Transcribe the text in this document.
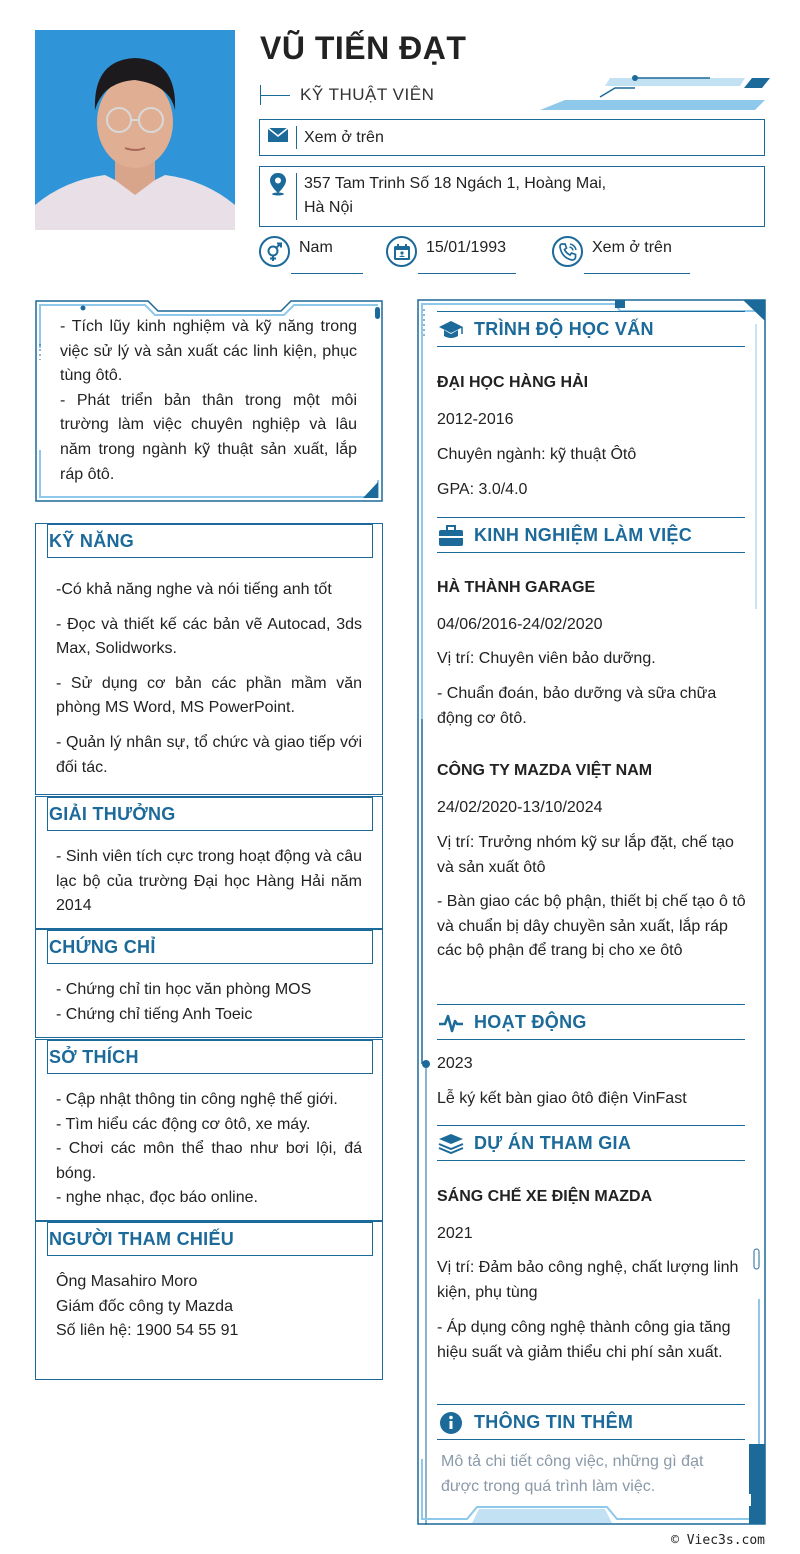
VŨ TIẾN ĐẠT
KỸ THUẬT VIÊN
Xem ở trên
357 Tam Trinh Số 18 Ngách 1, Hoàng Mai,
Hà Nội
Nam	15/01/1993	Xem ở trên
- Tích lũy kinh nghiệm và kỹ năng trong việc sử lý và sản xuất các linh kiện, phục tùng ôtô.
- Phát triển bản thân trong một môi trường làm việc chuyên nghiệp và lâu năm trong ngành kỹ thuật sản xuất, lắp ráp ôtô.
KỸ NĂNG

-Có khả năng nghe và nói tiếng anh tốt

- Đọc và thiết kế các bản vẽ Autocad, 3ds Max, Solidworks.

- Sử dụng cơ bản các phần mầm văn phòng MS Word, MS PowerPoint.

- Quản lý nhân sự, tổ chức và giao tiếp với đối tác.

GIẢI THƯỞNG

- Sinh viên tích cực trong hoạt động và câu lạc bộ của trường Đại học Hàng Hải năm 2014

CHỨNG CHỈ

- Chứng chỉ tin học văn phòng MOS

- Chứng chỉ tiếng Anh Toeic

SỞ THÍCH

- Cập nhật thông tin công nghệ thế giới.

- Tìm hiểu các động cơ ôtô, xe máy.

- Chơi các môn thể thao như bơi lội, đá bóng.

- nghe nhạc, đọc báo online.

NGƯỜI THAM CHIẾU

Ông Masahiro Moro

Giám đốc công ty Mazda

Số liên hệ: 1900 54 55 91

TRÌNH ĐỘ HỌC VẤN
ĐẠI HỌC HÀNG HẢI
2012-2016
Chuyên ngành: kỹ thuật Ôtô
GPA: 3.0/4.0
KINH NGHIỆM LÀM VIỆC
HÀ THÀNH GARAGE
04/06/2016-24/02/2020
Vị trí: Chuyên viên bảo dưỡng.
- Chuẩn đoán, bảo dưỡng và sữa chữa động cơ ôtô.
CÔNG TY MAZDA VIỆT NAM
24/02/2020-13/10/2024
Vị trí: Trưởng nhóm kỹ sư lắp đặt, chế tạo và sản xuất ôtô
- Bàn giao các bộ phận, thiết bị chế tạo ô tô và chuẩn bị dây chuyền sản xuất, lắp ráp các bộ phận để trang bị cho xe ôtô
HOẠT ĐỘNG
2023
Lễ ký kết bàn giao ôtô điện VinFast
DỰ ÁN THAM GIA
SÁNG CHẾ XE ĐIỆN MAZDA
2021
Vị trí: Đảm bảo công nghệ, chất lượng linh kiện, phụ tùng
- Áp dụng công nghệ thành công gia tăng hiệu suất và giảm thiểu chi phí sản xuất.
THÔNG TIN THÊM
Mô tả chi tiết công việc, những gì đạt được trong quá trình làm việc.
© Viec3s.com
